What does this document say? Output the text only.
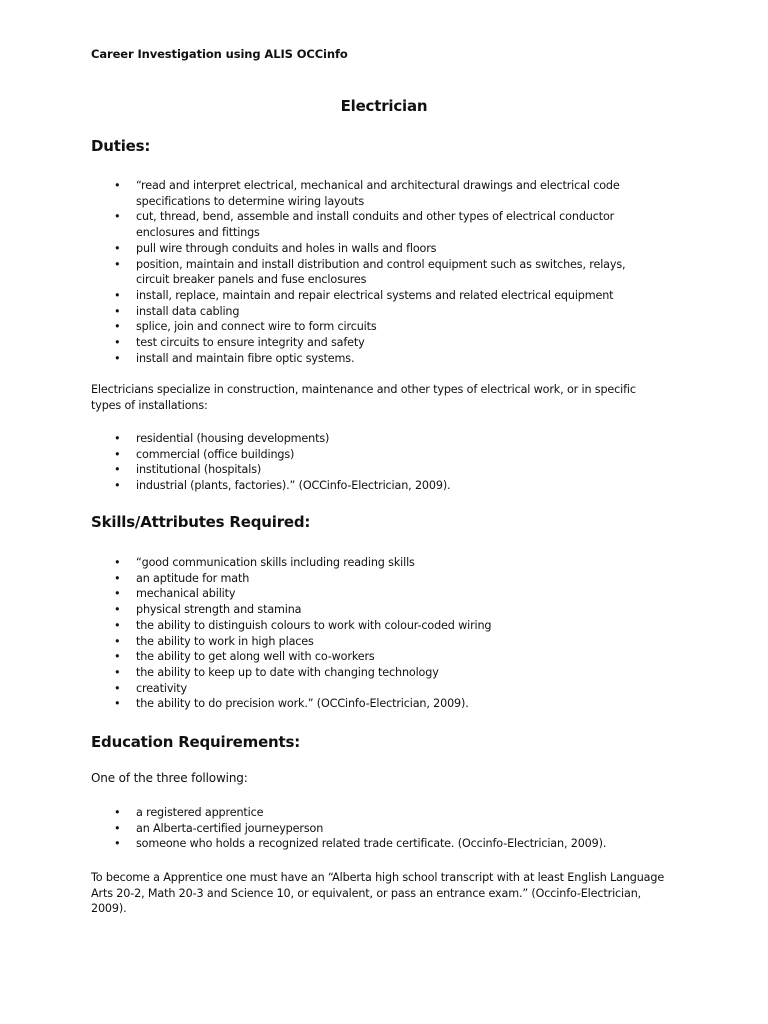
Career Investigation using ALIS OCCinfo
Electrician
Duties:
• “read and interpret electrical, mechanical and architectural drawings and electrical code specifications to determine wiring layouts
• cut, thread, bend, assemble and install conduits and other types of electrical conductor enclosures and fittings
• pull wire through conduits and holes in walls and floors
• position, maintain and install distribution and control equipment such as switches, relays, circuit breaker panels and fuse enclosures
• install, replace, maintain and repair electrical systems and related electrical equipment
• install data cabling
• splice, join and connect wire to form circuits
• test circuits to ensure integrity and safety
• install and maintain fibre optic systems.

Electricians specialize in construction, maintenance and other types of electrical work, or in specific types of installations:

• residential (housing developments)
• commercial (office buildings)
• institutional (hospitals)
• industrial (plants, factories).” (OCCinfo-Electrician, 2009).
Skills/Attributes Required:
• “good communication skills including reading skills
• an aptitude for math
• mechanical ability
• physical strength and stamina
• the ability to distinguish colours to work with colour-coded wiring
• the ability to work in high places
• the ability to get along well with co-workers
• the ability to keep up to date with changing technology
• creativity
• the ability to do precision work.” (OCCinfo-Electrician, 2009).
Education Requirements:

One of the three following:

• a registered apprentice
• an Alberta-certified journeyperson
• someone who holds a recognized related trade certificate. (Occinfo-Electrician, 2009).

To become a Apprentice one must have an “Alberta high school transcript with at least English Language Arts 20-2, Math 20-3 and Science 10, or equivalent, or pass an entrance exam.” (Occinfo-Electrician, 2009).
